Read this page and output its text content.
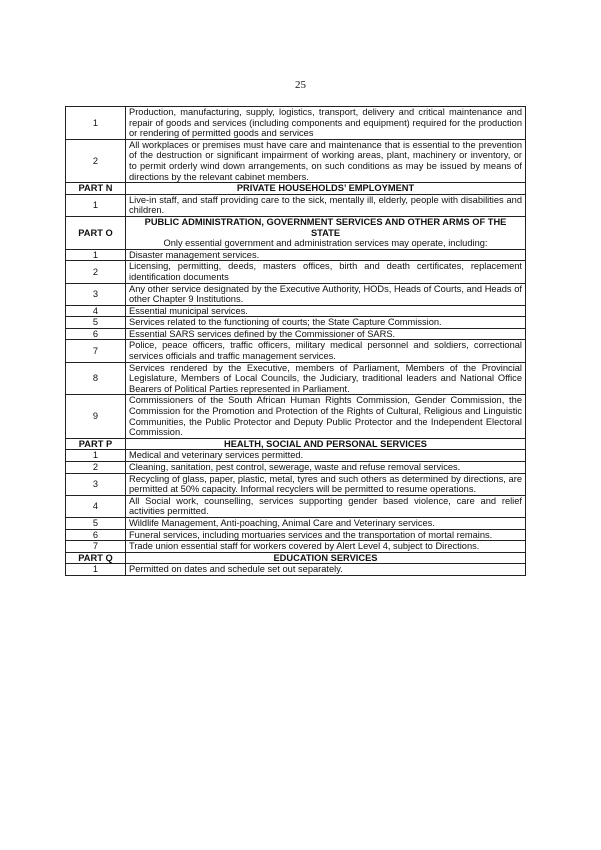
25
1	Production, manufacturing, supply, logistics, transport, delivery and critical maintenance and repair of goods and services (including components and equipment) required for the production or rendering of permitted goods and services
2	All workplaces or premises must have care and maintenance that is essential to the prevention of the destruction or significant impairment of working areas, plant, machinery or inventory, or to permit orderly wind down arrangements, on such conditions as may be issued by means of directions by the relevant cabinet members.
PART N	PRIVATE HOUSEHOLDS’ EMPLOYMENT
1	Live-in staff, and staff providing care to the sick, mentally ill, elderly, people with disabilities and children.
PART O	PUBLIC ADMINISTRATION, GOVERNMENT SERVICES AND OTHER ARMS OF THE STATE
Only essential government and administration services may operate, including:

1	Disaster management services.
2	Licensing, permitting, deeds, masters offices, birth and death certificates, replacement identification documents
3	Any other service designated by the Executive Authority, HODs, Heads of Courts, and Heads of other Chapter 9 Institutions.
4	Essential municipal services.
5	Services related to the functioning of courts; the State Capture Commission.
6	Essential SARS services defined by the Commissioner of SARS.
7	Police, peace officers, traffic officers, military medical personnel and soldiers, correctional services officials and traffic management services.
8	Services rendered by the Executive, members of Parliament, Members of the Provincial Legislature, Members of Local Councils, the Judiciary, traditional leaders and National Office Bearers of Political Parties represented in Parliament.
9	Commissioners of the South African Human Rights Commission, Gender Commission, the Commission for the Promotion and Protection of the Rights of Cultural, Religious and Linguistic Communities, the Public Protector and Deputy Public Protector and the Independent Electoral Commission.
PART P	HEALTH, SOCIAL AND PERSONAL SERVICES
1	Medical and veterinary services permitted.
2	Cleaning, sanitation, pest control, sewerage, waste and refuse removal services.
3	Recycling of glass, paper, plastic, metal, tyres and such others as determined by directions, are permitted at 50% capacity. Informal recyclers will be permitted to resume operations.
4	All Social work, counselling, services supporting gender based violence, care and relief activities permitted.
5	Wildlife Management, Anti-poaching, Animal Care and Veterinary services.
6	Funeral services, including mortuaries services and the transportation of mortal remains.
7	Trade union essential staff for workers covered by Alert Level 4, subject to Directions.
PART Q	EDUCATION SERVICES
1	Permitted on dates and schedule set out separately.
